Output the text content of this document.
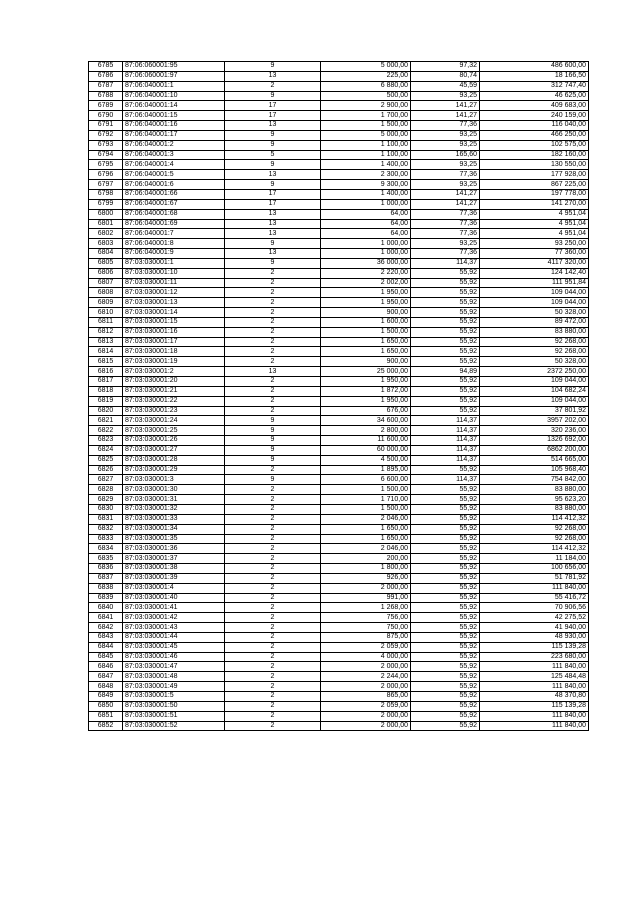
6785	87:06:060001:95	9	5 000,00	97,32	486 600,00
6786	87:06:060001:97	13	225,00	80,74	18 166,50
6787	87:06:040001:1	2	6 880,00	45,59	312 747,40
6788	87:06:040001:10	9	500,00	93,25	46 625,00
6789	87:06:040001:14	17	2 900,00	141,27	409 683,00
6790	87:06:040001:15	17	1 700,00	141,27	240 159,00
6791	87:06:040001:16	13	1 500,00	77,36	116 040,00
6792	87:06:040001:17	9	5 000,00	93,25	466 250,00
6793	87:06:040001:2	9	1 100,00	93,25	102 575,00
6794	87:06:040001:3	5	1 100,00	165,60	182 160,00
6795	87:06:040001:4	9	1 400,00	93,25	130 550,00
6796	87:06:040001:5	13	2 300,00	77,36	177 928,00
6797	87:06:040001:6	9	9 300,00	93,25	867 225,00
6798	87:06:040001:66	17	1 400,00	141,27	197 778,00
6799	87:06:040001:67	17	1 000,00	141,27	141 270,00
6800	87:06:040001:68	13	64,00	77,36	4 951,04
6801	87:06:040001:69	13	64,00	77,36	4 951,04
6802	87:06:040001:7	13	64,00	77,36	4 951,04
6803	87:06:040001:8	9	1 000,00	93,25	93 250,00
6804	87:06:040001:9	13	1 000,00	77,36	77 360,00
6805	87:03:030001:1	9	36 000,00	114,37	4117 320,00
6806	87:03:030001:10	2	2 220,00	55,92	124 142,40
6807	87:03:030001:11	2	2 002,00	55,92	111 951,84
6808	87:03:030001:12	2	1 950,00	55,92	109 044,00
6809	87:03:030001:13	2	1 950,00	55,92	109 044,00
6810	87:03:030001:14	2	900,00	55,92	50 328,00
6811	87:03:030001:15	2	1 600,00	55,92	89 472,00
6812	87:03:030001:16	2	1 500,00	55,92	83 880,00
6813	87:03:030001:17	2	1 650,00	55,92	92 268,00
6814	87:03:030001:18	2	1 650,00	55,92	92 268,00
6815	87:03:030001:19	2	900,00	55,92	50 328,00
6816	87:03:030001:2	13	25 000,00	94,89	2372 250,00
6817	87:03:030001:20	2	1 950,00	55,92	109 044,00
6818	87:03:030001:21	2	1 872,00	55,92	104 682,24
6819	87:03:030001:22	2	1 950,00	55,92	109 044,00
6820	87:03:030001:23	2	676,00	55,92	37 801,92
6821	87:03:030001:24	9	34 600,00	114,37	3957 202,00
6822	87:03:030001:25	9	2 800,00	114,37	320 236,00
6823	87:03:030001:26	9	11 600,00	114,37	1326 692,00
6824	87:03:030001:27	9	60 000,00	114,37	6862 200,00
6825	87:03:030001:28	9	4 500,00	114,37	514 665,00
6826	87:03:030001:29	2	1 895,00	55,92	105 968,40
6827	87:03:030001:3	9	6 600,00	114,37	754 842,00
6828	87:03:030001:30	2	1 500,00	55,92	83 880,00
6829	87:03:030001:31	2	1 710,00	55,92	95 623,20
6830	87:03:030001:32	2	1 500,00	55,92	83 880,00
6831	87:03:030001:33	2	2 046,00	55,92	114 412,32
6832	87:03:030001:34	2	1 650,00	55,92	92 268,00
6833	87:03:030001:35	2	1 650,00	55,92	92 268,00
6834	87:03:030001:36	2	2 046,00	55,92	114 412,32
6835	87:03:030001:37	2	200,00	55,92	11 184,00
6836	87:03:030001:38	2	1 800,00	55,92	100 656,00
6837	87:03:030001:39	2	926,00	55,92	51 781,92
6838	87:03:030001:4	2	2 000,00	55,92	111 840,00
6839	87:03:030001:40	2	991,00	55,92	55 416,72
6840	87:03:030001:41	2	1 268,00	55,92	70 906,56
6841	87:03:030001:42	2	756,00	55,92	42 275,52
6842	87:03:030001:43	2	750,00	55,92	41 940,00
6843	87:03:030001:44	2	875,00	55,92	48 930,00
6844	87:03:030001:45	2	2 059,00	55,92	115 139,28
6845	87:03:030001:46	2	4 000,00	55,92	223 680,00
6846	87:03:030001:47	2	2 000,00	55,92	111 840,00
6847	87:03:030001:48	2	2 244,00	55,92	125 484,48
6848	87:03:030001:49	2	2 000,00	55,92	111 840,00
6849	87:03:030001:5	2	865,00	55,92	48 370,80
6850	87:03:030001:50	2	2 059,00	55,92	115 139,28
6851	87:03:030001:51	2	2 000,00	55,92	111 840,00
6852	87:03:030001:52	2	2 000,00	55,92	111 840,00
